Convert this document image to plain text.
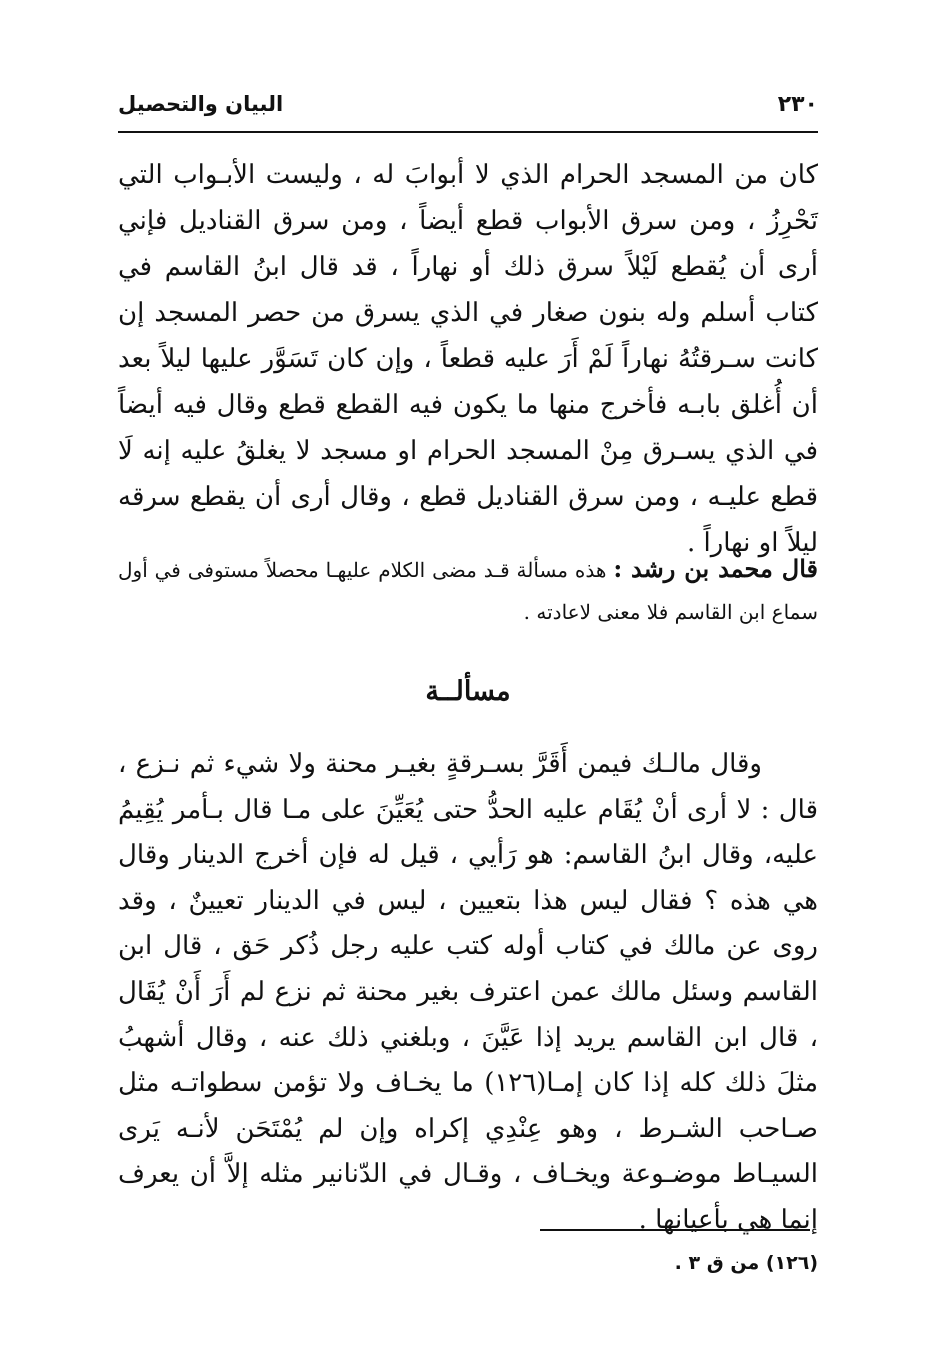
٢٣٠
البيان والتحصيل

كان من المسجد الحرام الذي لا أبوابَ له ، وليست الأبـواب التي تَحْرِزُ ، ومن سرق الأبواب قطع أيضاً ، ومن سرق القناديل فإني أرى أن يُقطع لَيْلاً سرق ذلك أو نهاراً ، قد قال ابنُ القاسم في كتاب أسلم وله بنون صغار في الذي يسرق من حصر المسجد إن كانت سـرقتُهُ نهاراً لَمْ أَرَ عليه قطعاً ، وإن كان تَسَوَّر عليها ليلاً بعد أن أُغلق بابـه فأخرج منها ما يكون فيه القطع قطع وقال فيه أيضاً في الذي يسـرق مِنْ المسجد الحرام او مسجد لا يغلقُ عليه إنه لَا قطع عليـه ، ومن سرق القناديل قطع ، وقال أرى أن يقطع سرقه ليلاً او نهاراً .

قال محمد بن رشد : هذه مسألة قـد مضى الكلام عليهـا محصلاً مستوفى في أول سماع ابن القاسم فلا معنى لاعادته .

مسألــة

وقال مالـك فيمن أَقَرَّ بسـرقةٍ بغيـر محنة ولا شيء ثم نـزع ، قال : لا أرى أنْ يُقَام عليه الحدُّ حتى يُعَيِّنَ على مـا قال بـأمر يُقِيمُ عليه، وقال ابنُ القاسم: هو رَأيي ، قيل له فإن أخرج الدينار وقال هي هذه ؟ فقال ليس هذا بتعيين ، ليس في الدينار تعيينٌ ، وقد روى عن مالك في كتاب أوله كتب عليه رجل ذُكر حَق ، قال ابن القاسم وسئل مالك عمن اعترف بغير محنة ثم نزع لم أَرَ أَنْ يُقَال ، قال ابن القاسم يريد إذا عَيَّنَ ، وبلغني ذلك عنه ، وقال أشهبُ مثلَ ذلك كله إذا كان إمـا(١٢٦) ما يخـاف ولا تؤمن سطواتـه مثل صـاحب الشـرط ، وهو عِنْدِي إكراه وإن لم يُمْتَحَن لأنـه يَرى السيـاط موضـوعة ويخـاف ، وقـال في الدّنانير مثله إلاَّ أن يعرف إنما هي بأعيانها .

(١٢٦) من ق ٣ .
